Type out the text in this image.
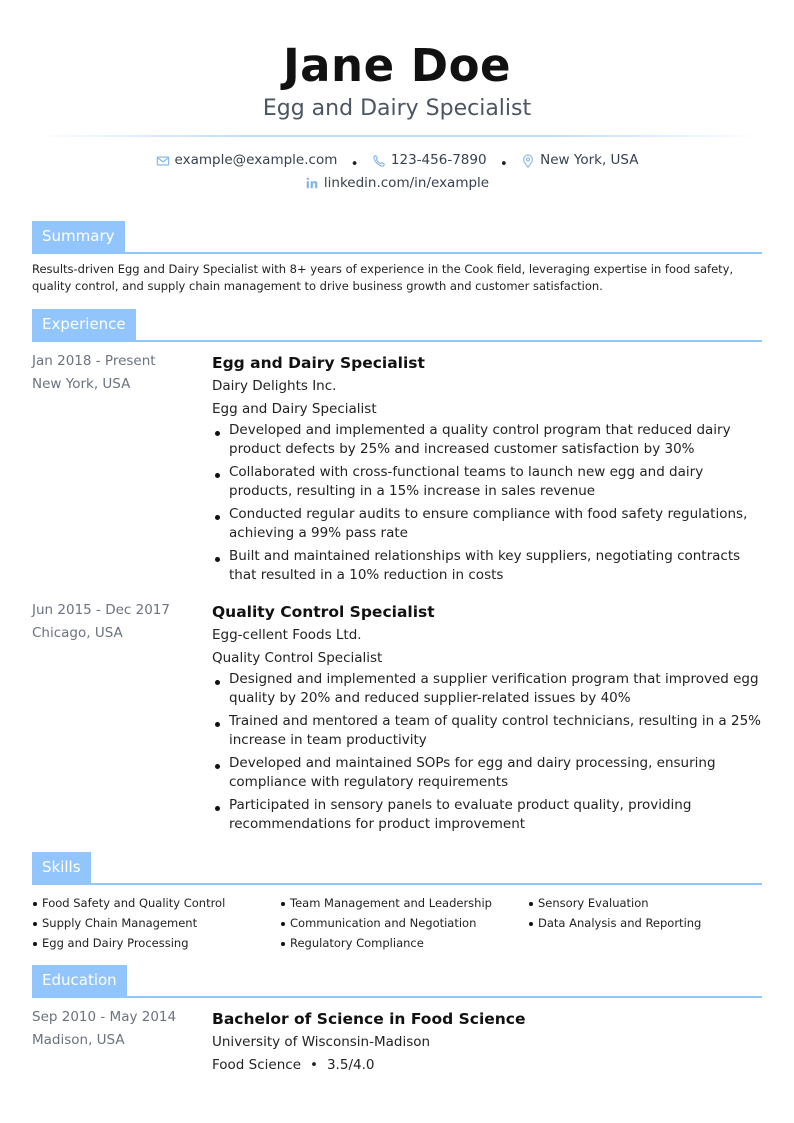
Jane Doe
Egg and Dairy Specialist
example@example.com • 123-456-7890 • New York, USA
linkedin.com/in/example
Summary
Results-driven Egg and Dairy Specialist with 8+ years of experience in the Cook field, leveraging expertise in food safety, quality control, and supply chain management to drive business growth and customer satisfaction.
Experience
Jan 2018 - Present
New York, USA
Egg and Dairy Specialist
Dairy Delights Inc.
Egg and Dairy Specialist
Developed and implemented a quality control program that reduced dairy product defects by 25% and increased customer satisfaction by 30%
Collaborated with cross-functional teams to launch new egg and dairy products, resulting in a 15% increase in sales revenue
Conducted regular audits to ensure compliance with food safety regulations, achieving a 99% pass rate
Built and maintained relationships with key suppliers, negotiating contracts that resulted in a 10% reduction in costs
Jun 2015 - Dec 2017
Chicago, USA
Quality Control Specialist
Egg-cellent Foods Ltd.
Quality Control Specialist
Designed and implemented a supplier verification program that improved egg quality by 20% and reduced supplier-related issues by 40%
Trained and mentored a team of quality control technicians, resulting in a 25% increase in team productivity
Developed and maintained SOPs for egg and dairy processing, ensuring compliance with regulatory requirements
Participated in sensory panels to evaluate product quality, providing recommendations for product improvement
Skills
Food Safety and Quality Control	Team Management and Leadership	Sensory Evaluation
Supply Chain Management	Communication and Negotiation	Data Analysis and Reporting
Egg and Dairy Processing	Regulatory Compliance
Education
Sep 2010 - May 2014
Madison, USA
Bachelor of Science in Food Science
University of Wisconsin-Madison
Food Science • 3.5/4.0
